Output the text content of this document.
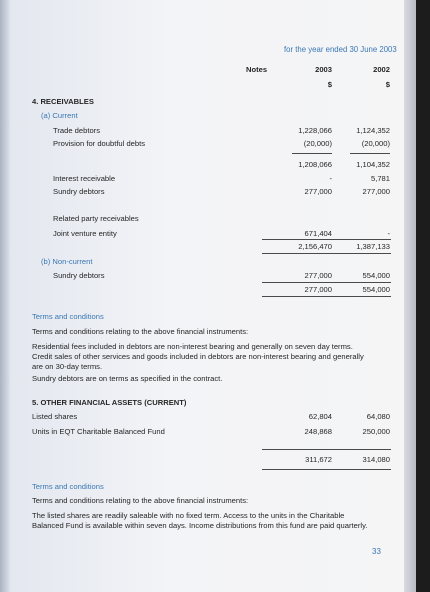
for the year ended 30 June 2003
Notes	2003	2002
$	$
4. RECEIVABLES
(a) Current
Trade debtors	1,228,066	1,124,352
Provision for doubtful debts	(20,000)	(20,000)
1,208,066	1,104,352
Interest receivable	-	5,781
Sundry debtors	277,000	277,000
Related party receivables
Joint venture entity	671,404	-
2,156,470	1,387,133
(b) Non-current
Sundry debtors	277,000	554,000
277,000	554,000
Terms and conditions
Terms and conditions relating to the above financial instruments:
Residential fees included in debtors are non-interest bearing and generally on seven day terms.
Credit sales of other services and goods included in debtors are non-interest bearing and generally
are on 30-day terms.
Sundry debtors are on terms as specified in the contract.
5. OTHER FINANCIAL ASSETS (CURRENT)
Listed shares	62,804	64,080
Units in EQT Charitable Balanced Fund	248,868	250,000
311,672	314,080
Terms and conditions
Terms and conditions relating to the above financial instruments:
The listed shares are readily saleable with no fixed term. Access to the units in the Charitable
Balanced Fund is available within seven days. Income distributions from this fund are paid quarterly.
33
